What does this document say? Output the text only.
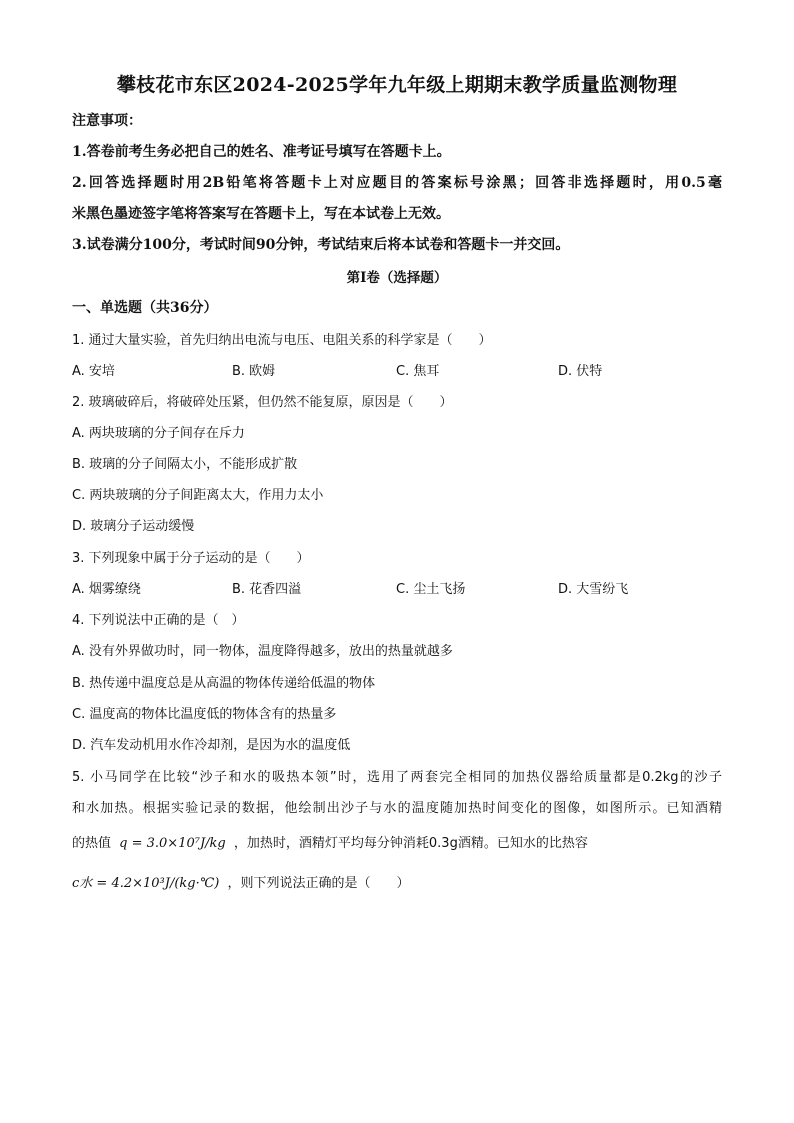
攀枝花市东区2024-2025学年九年级上期期末教学质量监测物理
注意事项：
1.答卷前考生务必把自己的姓名、准考证号填写在答题卡上。
2.回答选择题时用2B铅笔将答题卡上对应题目的答案标号涂黑；回答非选择题时，用0.5毫
米黑色墨迹签字笔将答案写在答题卡上，写在本试卷上无效。
3.试卷满分100分，考试时间90分钟，考试结束后将本试卷和答题卡一并交回。
第Ⅰ卷（选择题）
一、单选题（共36分）
1. 通过大量实验，首先归纳出电流与电压、电阻关系的科学家是（　　）
A. 安培	B. 欧姆	C. 焦耳	D. 伏特
2. 玻璃破碎后，将破碎处压紧，但仍然不能复原，原因是（　　）
A. 两块玻璃的分子间存在斥力
B. 玻璃的分子间隔太小，不能形成扩散
C. 两块玻璃的分子间距离太大，作用力太小
D. 玻璃分子运动缓慢
3. 下列现象中属于分子运动的是（　　）
A. 烟雾缭绕	B. 花香四溢	C. 尘土飞扬	D. 大雪纷飞
4. 下列说法中正确的是（　）
A. 没有外界做功时，同一物体，温度降得越多，放出的热量就越多
B. 热传递中温度总是从高温的物体传递给低温的物体
C. 温度高的物体比温度低的物体含有的热量多
D. 汽车发动机用水作冷却剂，是因为水的温度低
5. 小马同学在比较“沙子和水的吸热本领”时，选用了两套完全相同的加热仪器给质量都是0.2kg的沙子
和水加热。根据实验记录的数据，他绘制出沙子与水的温度随加热时间变化的图像，如图所示。已知酒精
的热值 q = 3.0×10⁷J/kg ，加热时，酒精灯平均每分钟消耗0.3g酒精。已知水的比热容
c水 = 4.2×10³J/(kg·℃) ，则下列说法正确的是（　　）
